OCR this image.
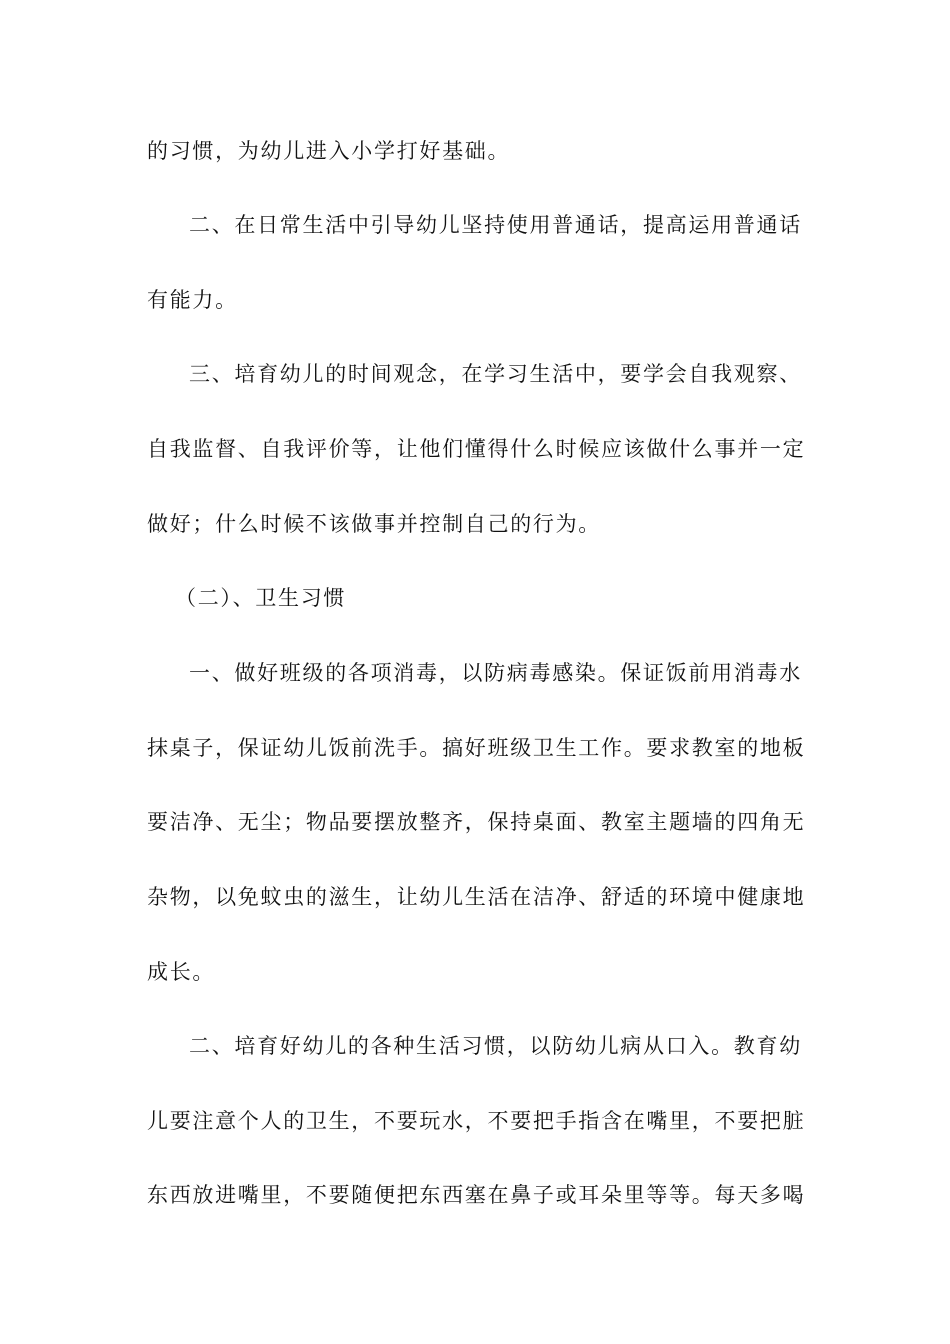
的习惯，为幼儿进入小学打好基础。
二、在日常生活中引导幼儿坚持使用普通话，提高运用普通话
有能力。
三、培育幼儿的时间观念，在学习生活中，要学会自我观察、
自我监督、自我评价等，让他们懂得什么时候应该做什么事并一定
做好；什么时候不该做事并控制自己的行为。
（二）、卫生习惯
一、做好班级的各项消毒，以防病毒感染。保证饭前用消毒水
抹桌子，保证幼儿饭前洗手。搞好班级卫生工作。要求教室的地板
要洁净、无尘；物品要摆放整齐，保持桌面、教室主题墙的四角无
杂物，以免蚊虫的滋生，让幼儿生活在洁净、舒适的环境中健康地
成长。
二、培育好幼儿的各种生活习惯，以防幼儿病从口入。教育幼
儿要注意个人的卫生，不要玩水，不要把手指含在嘴里，不要把脏
东西放进嘴里，不要随便把东西塞在鼻子或耳朵里等等。每天多喝
